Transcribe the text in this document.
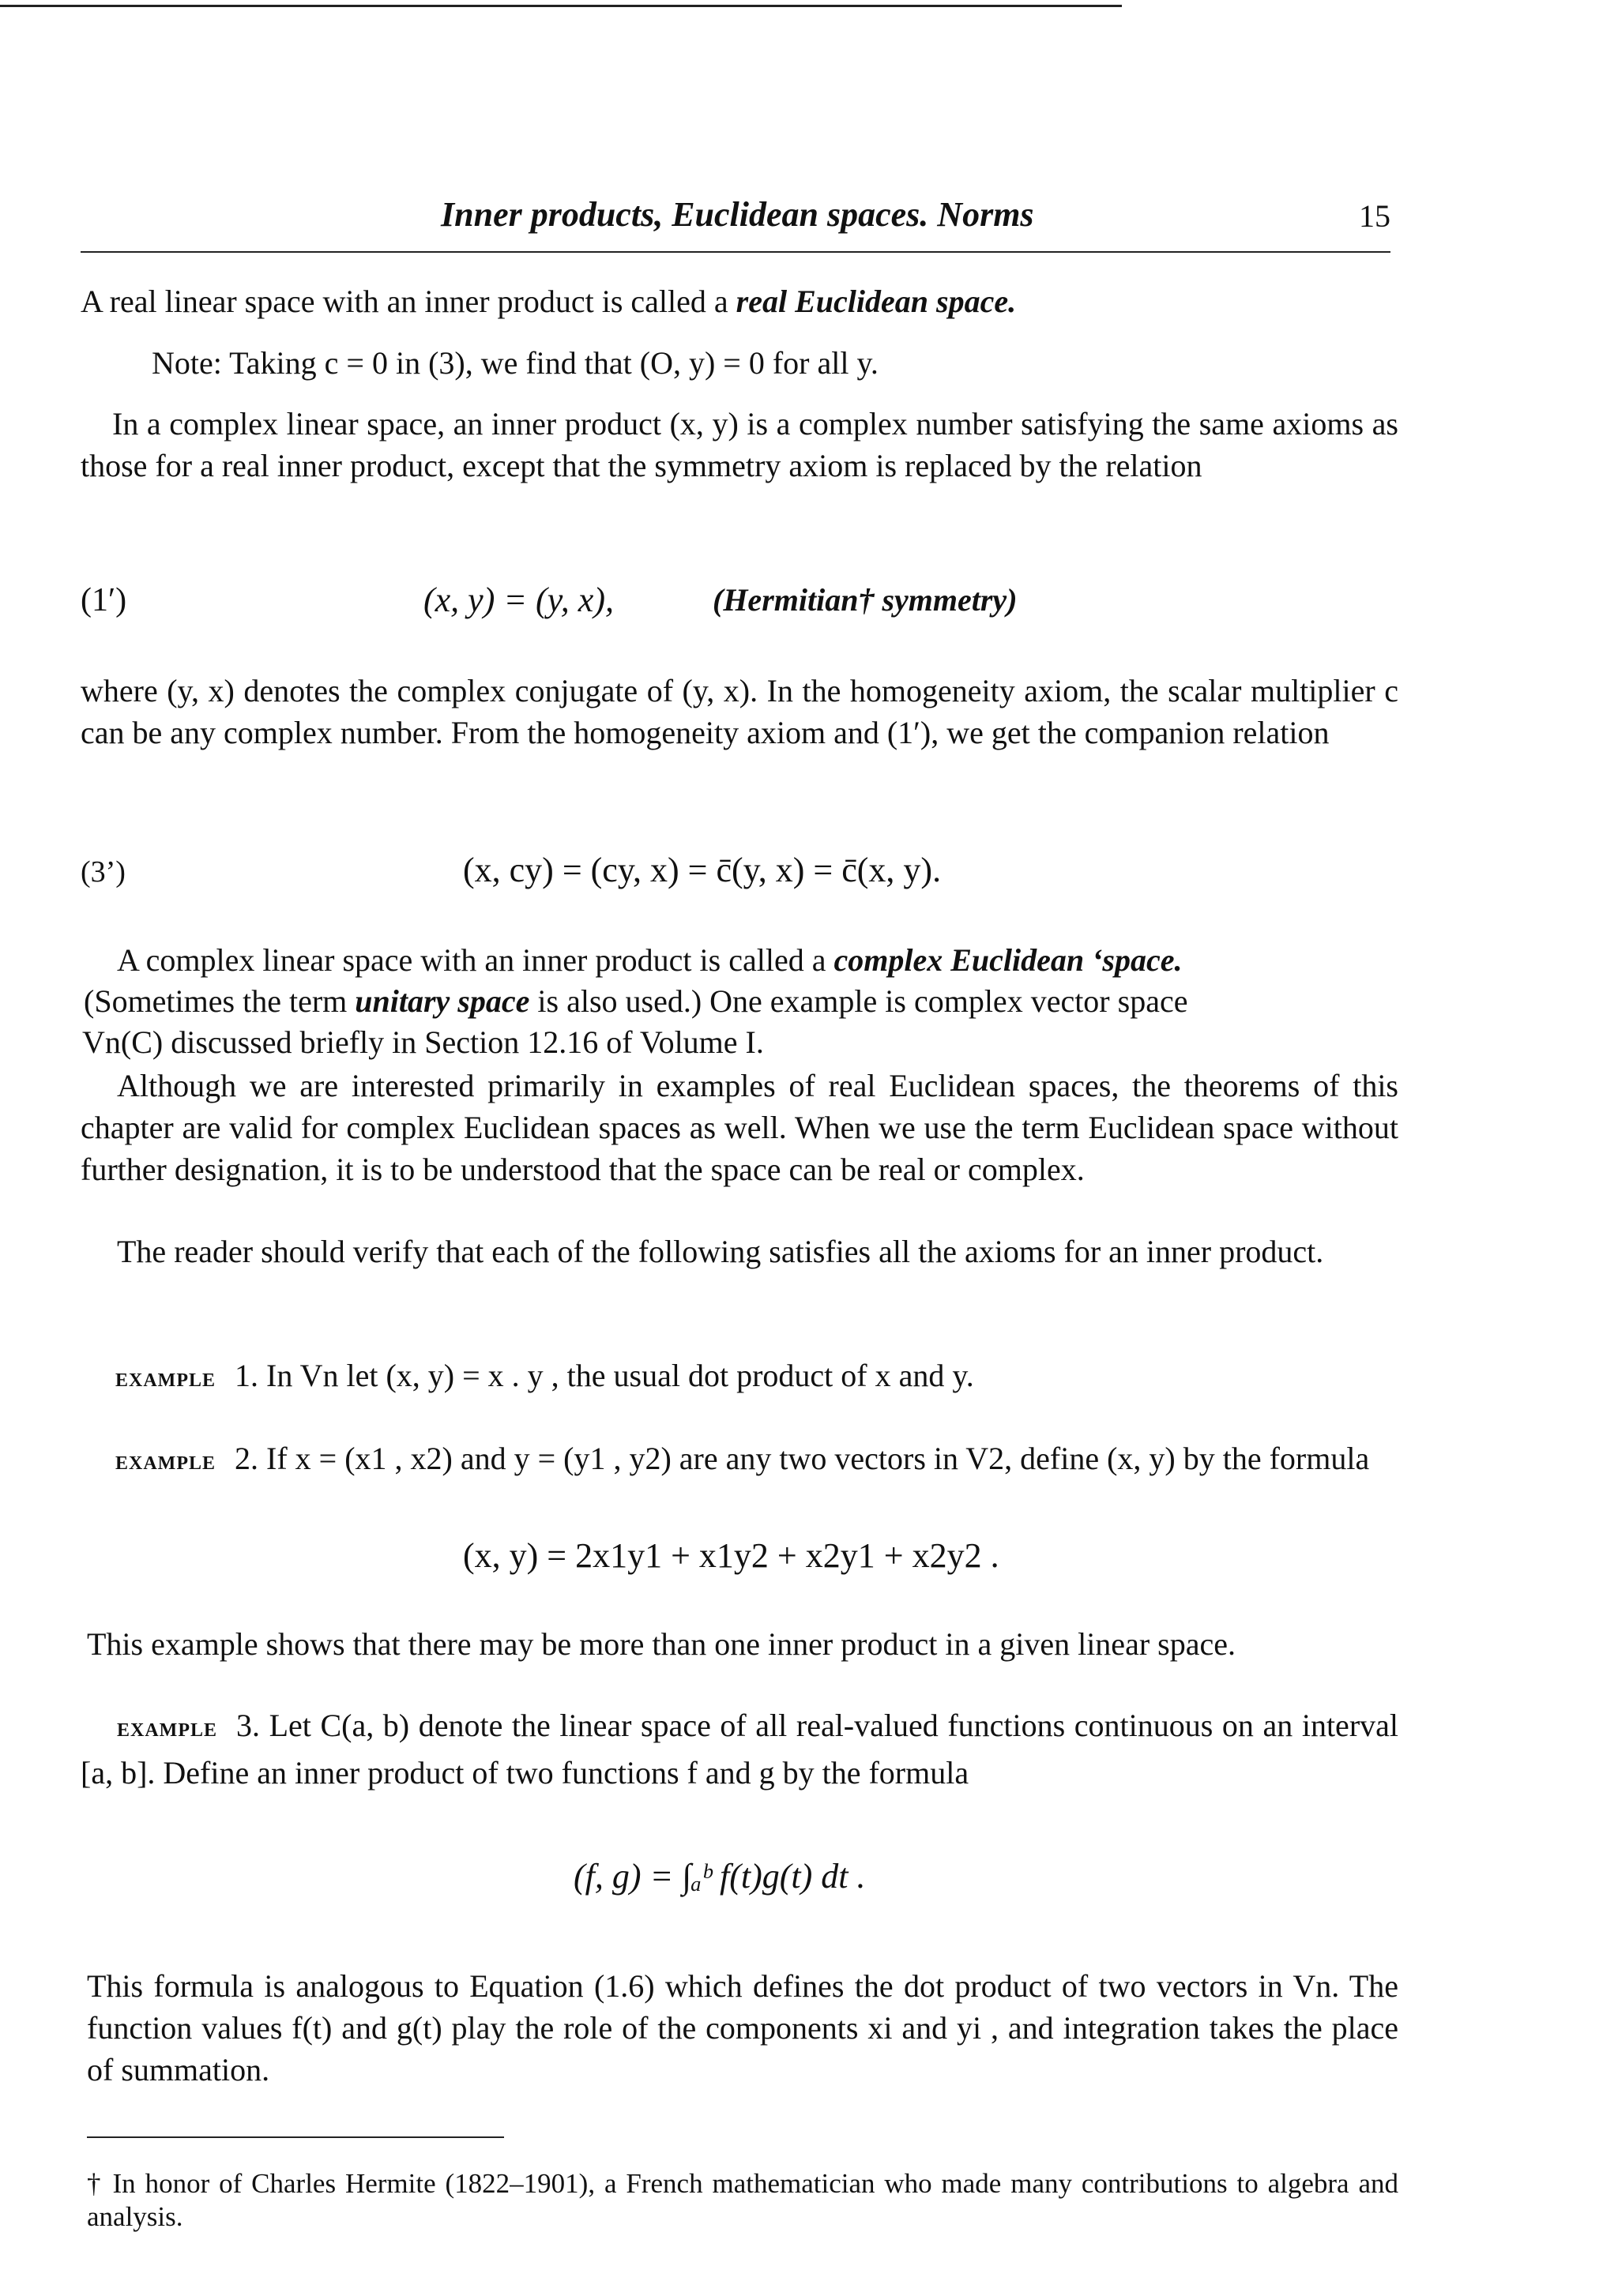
Inner products, Euclidean spaces. Norms	15
A real linear space with an inner product is called a real Euclidean space.
Note: Taking c = 0 in (3), we find that (O, y) = 0 for all y.
In a complex linear space, an inner product (x, y) is a complex number satisfying the same axioms as those for a real inner product, except that the symmetry axiom is replaced by the relation
(1′)	(x, y) = (y, x),	(Hermitian† symmetry)
where (y, x) denotes the complex conjugate of (y, x). In the homogeneity axiom, the scalar multiplier c can be any complex number. From the homogeneity axiom and (1′), we get the companion relation
(3’)	(x, cy) = (cy, x) = c̄(y, x) = c̄(x, y).
A complex linear space with an inner product is called a complex Euclidean ‘space.
(Sometimes the term unitary space is also used.) One example is complex vector space
Vn(C) discussed briefly in Section 12.16 of Volume I.
Although we are interested primarily in examples of real Euclidean spaces, the theorems of this chapter are valid for complex Euclidean spaces as well. When we use the term Euclidean space without further designation, it is to be understood that the space can be real or complex.
The reader should verify that each of the following satisfies all the axioms for an inner product.
EXAMPLE 1. In Vn let (x, y) = x . y , the usual dot product of x and y.
EXAMPLE 2. If x = (x1 , x2) and y = (y1 , y2) are any two vectors in V2, define (x, y) by the formula
(x, y) = 2x1y1 + x1y2 + x2y1 + x2y2 .
This example shows that there may be more than one inner product in a given linear space.
EXAMPLE 3. Let C(a, b) denote the linear space of all real-valued functions continuous on an interval [a, b]. Define an inner product of two functions f and g by the formula
(f, g) = ∫ₐᵇ f(t)g(t) dt .
This formula is analogous to Equation (1.6) which defines the dot product of two vectors in Vn. The function values f(t) and g(t) play the role of the components xi and yi , and integration takes the place of summation.
† In honor of Charles Hermite (1822–1901), a French mathematician who made many contributions to algebra and analysis.
